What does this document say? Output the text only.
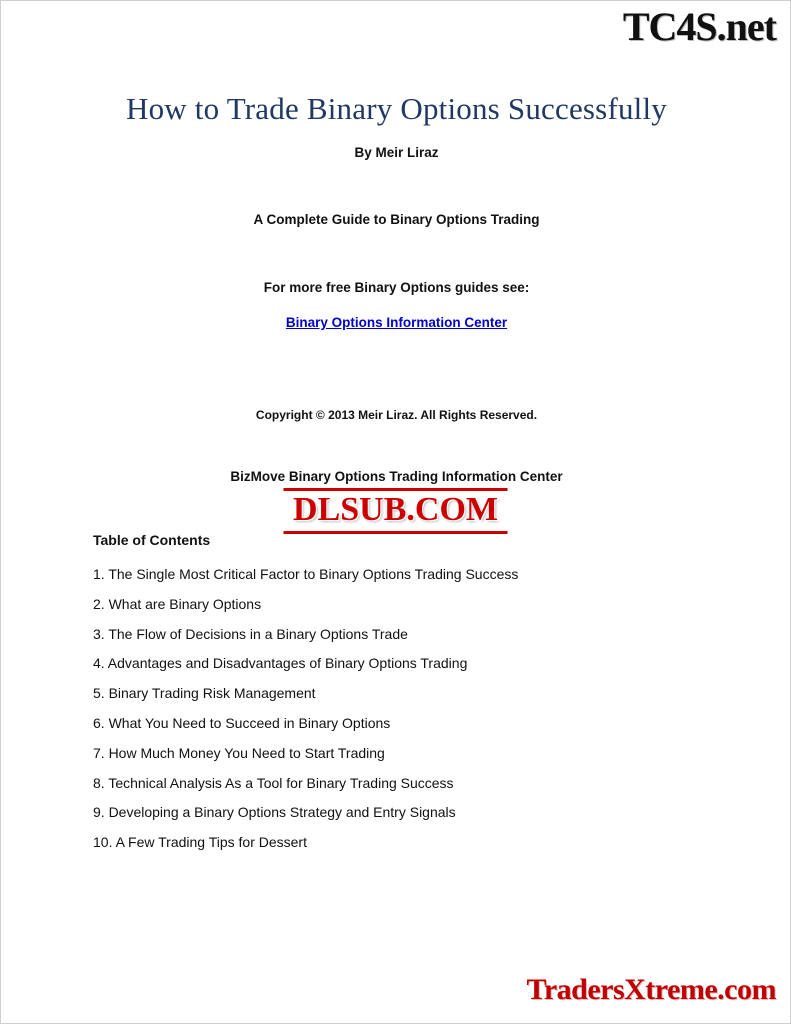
TC4S.net
How to Trade Binary Options Successfully
By Meir Liraz
A Complete Guide to Binary Options Trading
For more free Binary Options guides see:
Binary Options Information Center
Copyright © 2013 Meir Liraz. All Rights Reserved.
BizMove Binary Options Trading Information Center
Table of Contents
1. The Single Most Critical Factor to Binary Options Trading Success
2. What are Binary Options
3. The Flow of Decisions in a Binary Options Trade
4. Advantages and Disadvantages of Binary Options Trading
5. Binary Trading Risk Management
6. What You Need to Succeed in Binary Options
7. How Much Money You Need to Start Trading
8. Technical Analysis As a Tool for Binary Trading Success
9. Developing a Binary Options Strategy and Entry Signals
10. A Few Trading Tips for Dessert
DLSUB.COM
TradersXtreme.com
